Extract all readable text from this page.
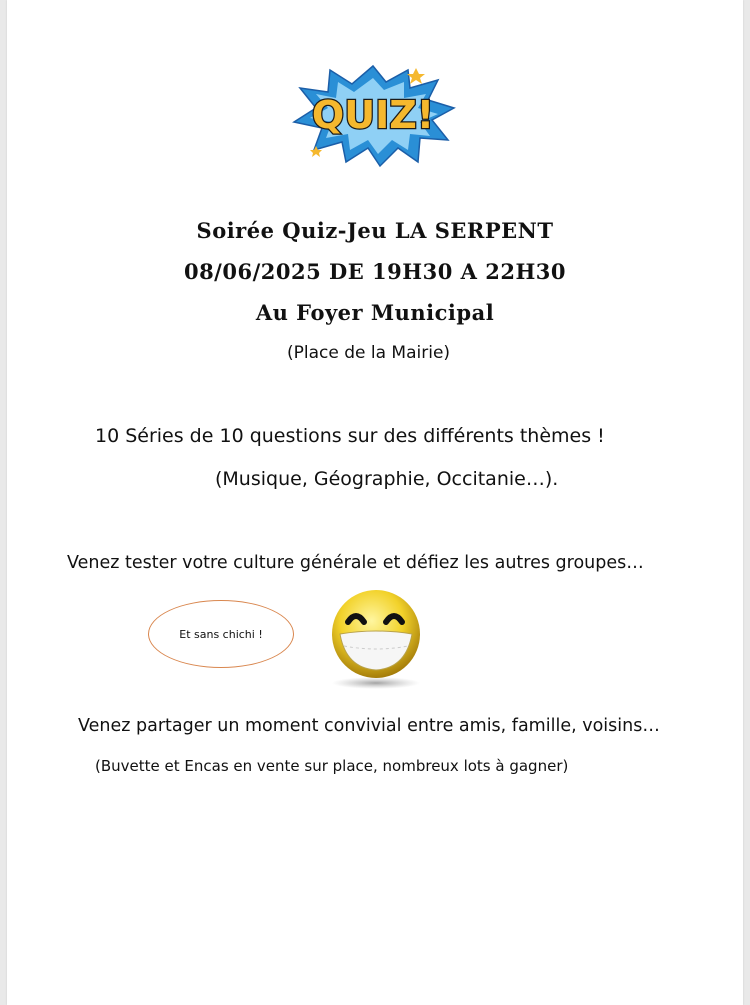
QUIZ!
Soirée Quiz-Jeu LA SERPENT
08/06/2025 DE 19H30 A 22H30
Au Foyer Municipal
(Place de la Mairie)
10 Séries de 10 questions sur des différents thèmes !
(Musique, Géographie, Occitanie…).
Venez tester votre culture générale et défiez les autres groupes…
Et sans chichi !
Venez partager un moment convivial entre amis, famille, voisins…
(Buvette et Encas en vente sur place, nombreux lots à gagner)
